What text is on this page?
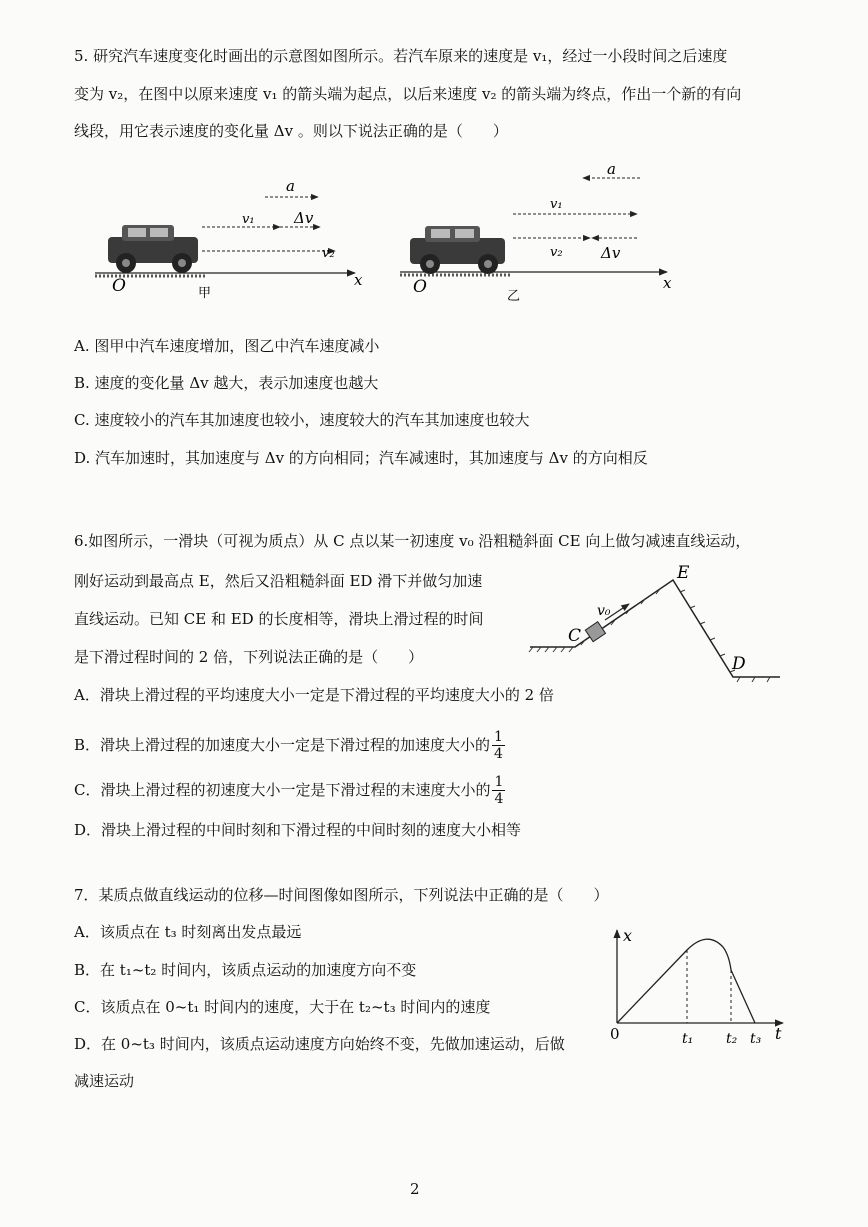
5. 研究汽车速度变化时画出的示意图如图所示。若汽车原来的速度是 v₁，经过一小段时间之后速度
变为 v₂，在图中以原来速度 v₁ 的箭头端为起点，以后来速度 v₂ 的箭头端为终点，作出一个新的有向
线段，用它表示速度的变化量 Δv 。则以下说法正确的是（　　）
a
v₁	Δv
v₂
x
O	甲
a
v₁
v₂	Δv
x
O	乙
A. 图甲中汽车速度增加，图乙中汽车速度减小
B. 速度的变化量 Δv 越大，表示加速度也越大
C. 速度较小的汽车其加速度也较小，速度较大的汽车其加速度也较大
D. 汽车加速时，其加速度与 Δv 的方向相同；汽车减速时，其加速度与 Δv 的方向相反
6.如图所示，一滑块（可视为质点）从 C 点以某一初速度 v₀ 沿粗糙斜面 CE 向上做匀减速直线运动，
刚好运动到最高点 E，然后又沿粗糙斜面 ED 滑下并做匀加速
直线运动。已知 CE 和 ED 的长度相等，滑块上滑过程的时间
是下滑过程时间的 2 倍，下列说法正确的是（　　）
C
v₀
E
D
A．滑块上滑过程的平均速度大小一定是下滑过程的平均速度大小的 2 倍
B．滑块上滑过程的加速度大小一定是下滑过程的加速度大小的 $\frac{1}{4}$
C．滑块上滑过程的初速度大小一定是下滑过程的末速度大小的 $\frac{1}{4}$
D．滑块上滑过程的中间时刻和下滑过程的中间时刻的速度大小相等
7．某质点做直线运动的位移—时间图像如图所示，下列说法中正确的是（　　）
A．该质点在 t₃ 时刻离出发点最远
B．在 t₁~t₂ 时间内，该质点运动的加速度方向不变
C．该质点在 0~t₁ 时间内的速度，大于在 t₂~t₃ 时间内的速度
D．在 0~t₃ 时间内，该质点运动速度方向始终不变，先做加速运动，后做
减速运动
x
t
0	t₁ t₂ t₃
2
